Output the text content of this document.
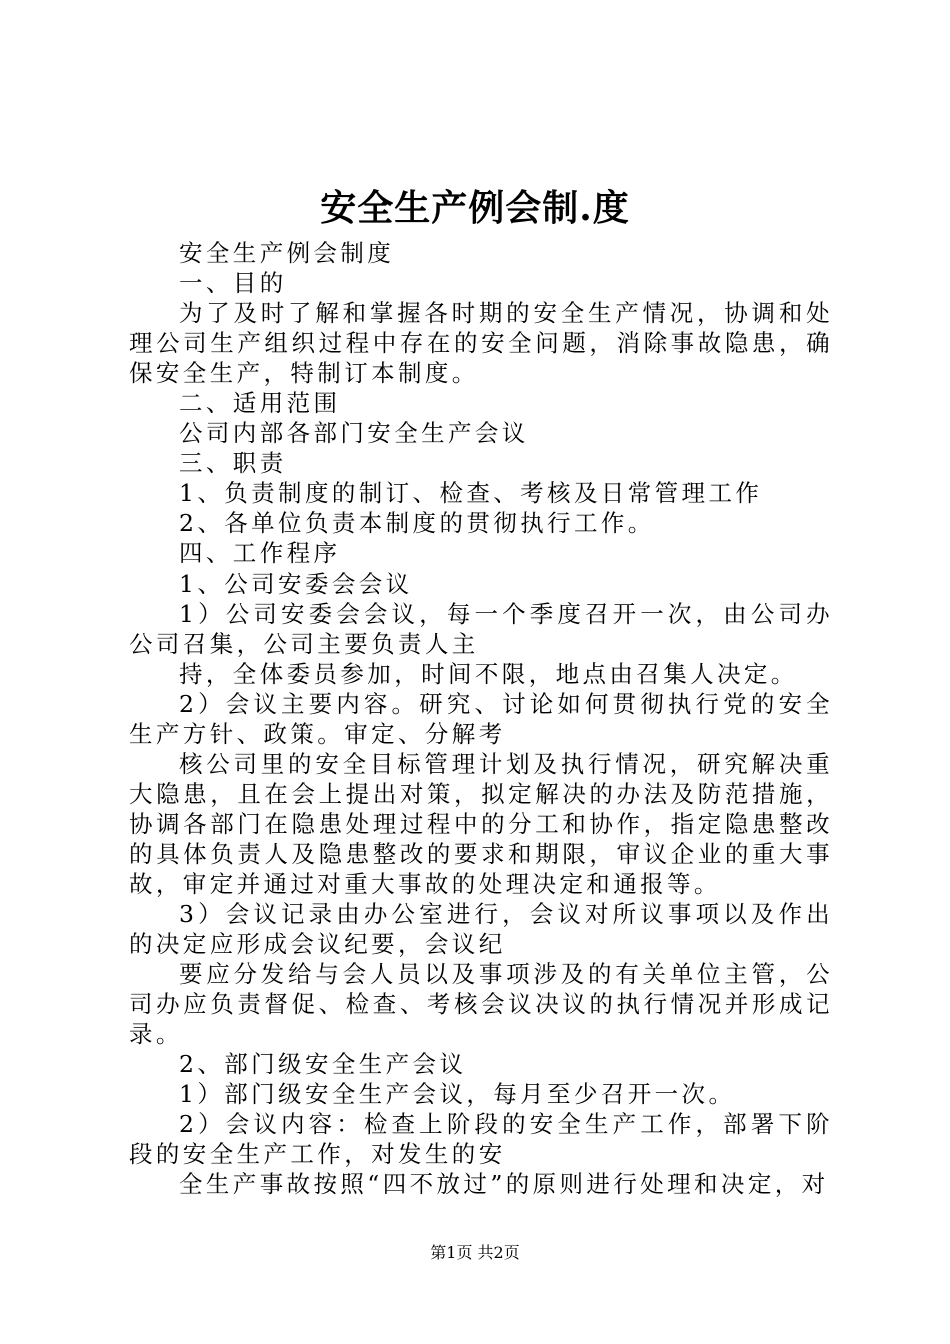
安全生产例会制.度

安全生产例会制度

一、目的

为了及时了解和掌握各时期的安全生产情况，协调和处理公司生产组织过程中存在的安全问题，消除事故隐患，确保安全生产，特制订本制度。

二、适用范围

公司内部各部门安全生产会议

三、职责

1、负责制度的制订、检查、考核及日常管理工作

2、各单位负责本制度的贯彻执行工作。

四、工作程序

1、公司安委会会议

1）公司安委会会议，每一个季度召开一次，由公司办公司召集，公司主要负责人主

持，全体委员参加，时间不限，地点由召集人决定。

2）会议主要内容。研究、讨论如何贯彻执行党的安全生产方针、政策。审定、分解考

核公司里的安全目标管理计划及执行情况，研究解决重大隐患，且在会上提出对策，拟定解决的办法及防范措施，协调各部门在隐患处理过程中的分工和协作，指定隐患整改的具体负责人及隐患整改的要求和期限，审议企业的重大事故，审定并通过对重大事故的处理决定和通报等。

3）会议记录由办公室进行，会议对所议事项以及作出的决定应形成会议纪要，会议纪

要应分发给与会人员以及事项涉及的有关单位主管，公司办应负责督促、检查、考核会议决议的执行情况并形成记录。

2、部门级安全生产会议

1）部门级安全生产会议，每月至少召开一次。

2）会议内容：检查上阶段的安全生产工作，部署下阶段的安全生产工作，对发生的安

全生产事故按照“四不放过”的原则进行处理和决定，对

第1页 共2页
